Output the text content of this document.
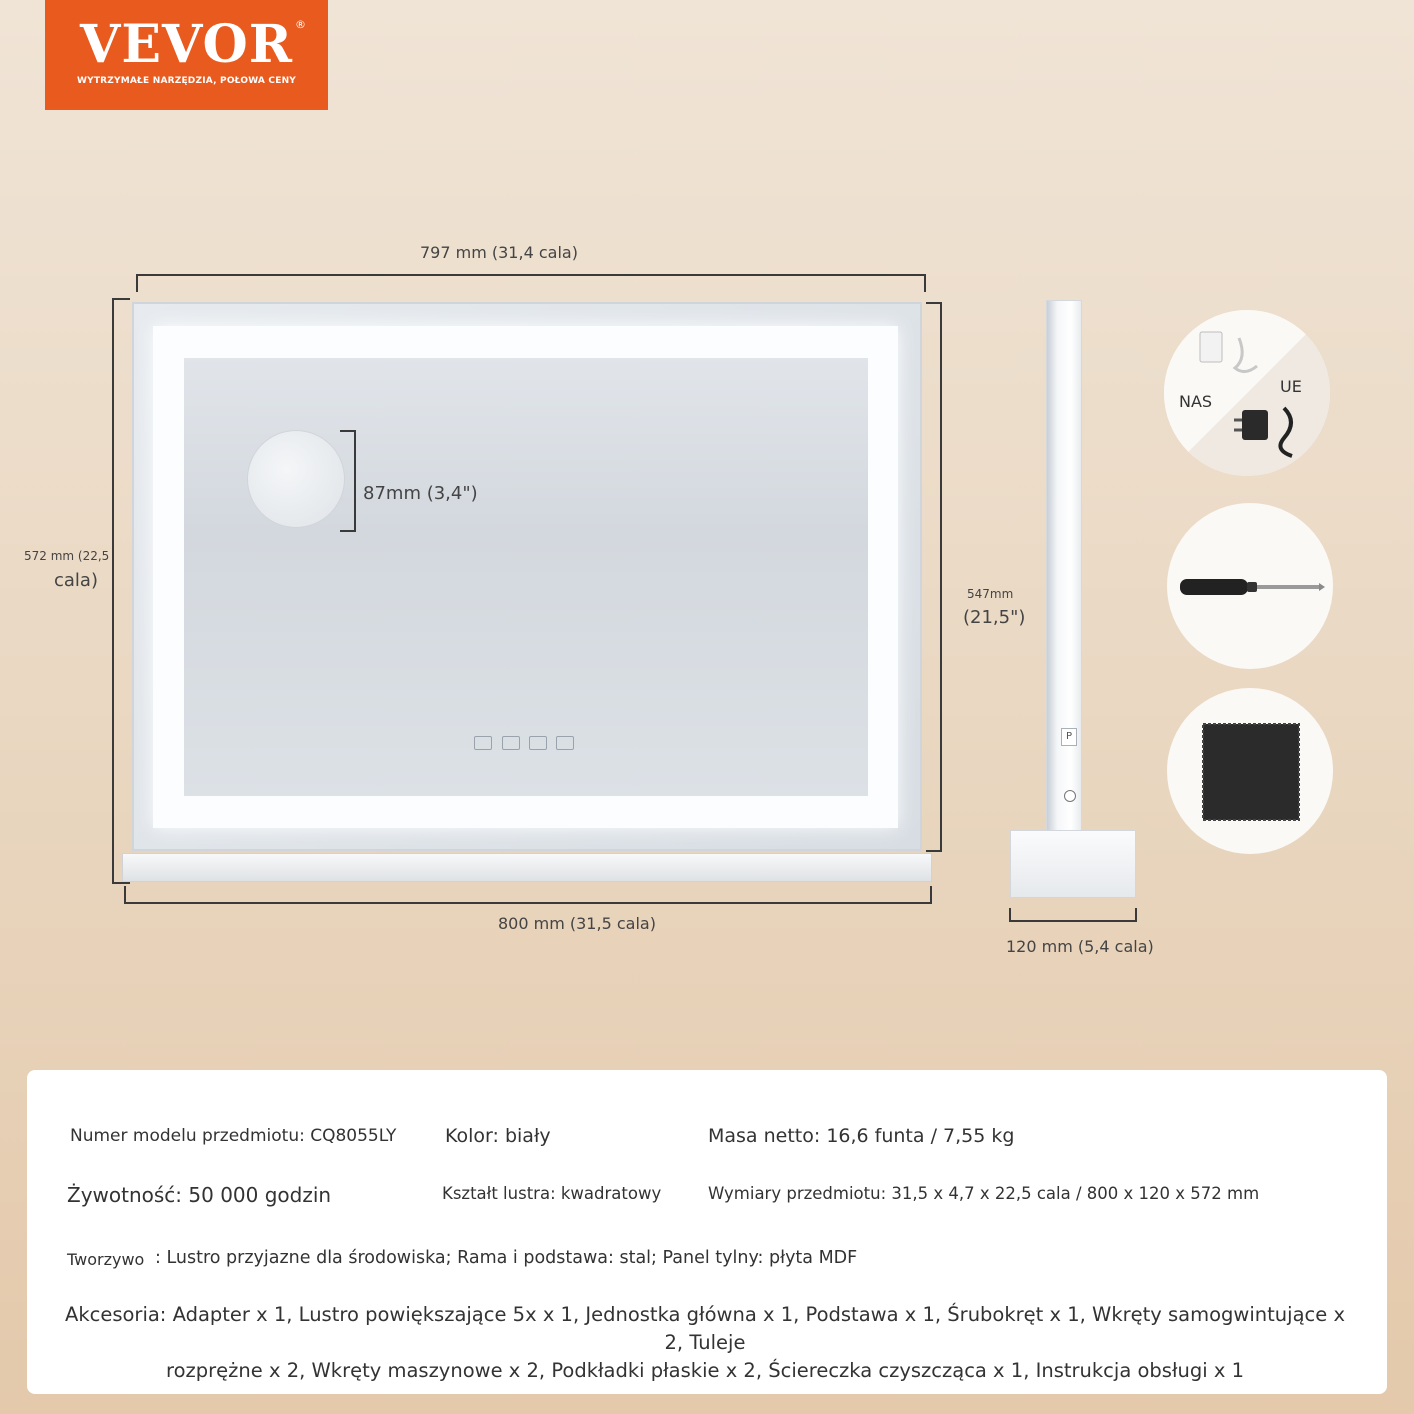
VEVOR ®
WYTRZYMAŁE NARZĘDZIA, POŁOWA CENY
797 mm (31,4 cala)
800 mm (31,5 cala)
572 mm (22,5
cala)
87mm (3,4")
P
547mm
(21,5")
120 mm (5,4 cala)
NAS
UE
Numer modelu przedmiotu: CQ8055LY	Kolor: biały	Masa netto: 16,6 funta / 7,55 kg
Żywotność: 50 000 godzin	Kształt lustra: kwadratowy	Wymiary przedmiotu: 31,5 x 4,7 x 22,5 cala / 800 x 120 x 572 mm
Tworzywo : Lustro przyjazne dla środowiska; Rama i podstawa: stal; Panel tylny: płyta MDF
Akcesoria: Adapter x 1, Lustro powiększające 5x x 1, Jednostka główna x 1, Podstawa x 1, Śrubokręt x 1, Wkręty samogwintujące x 2, Tuleje
rozprężne x 2, Wkręty maszynowe x 2, Podkładki płaskie x 2, Ściereczka czyszcząca x 1, Instrukcja obsługi x 1
